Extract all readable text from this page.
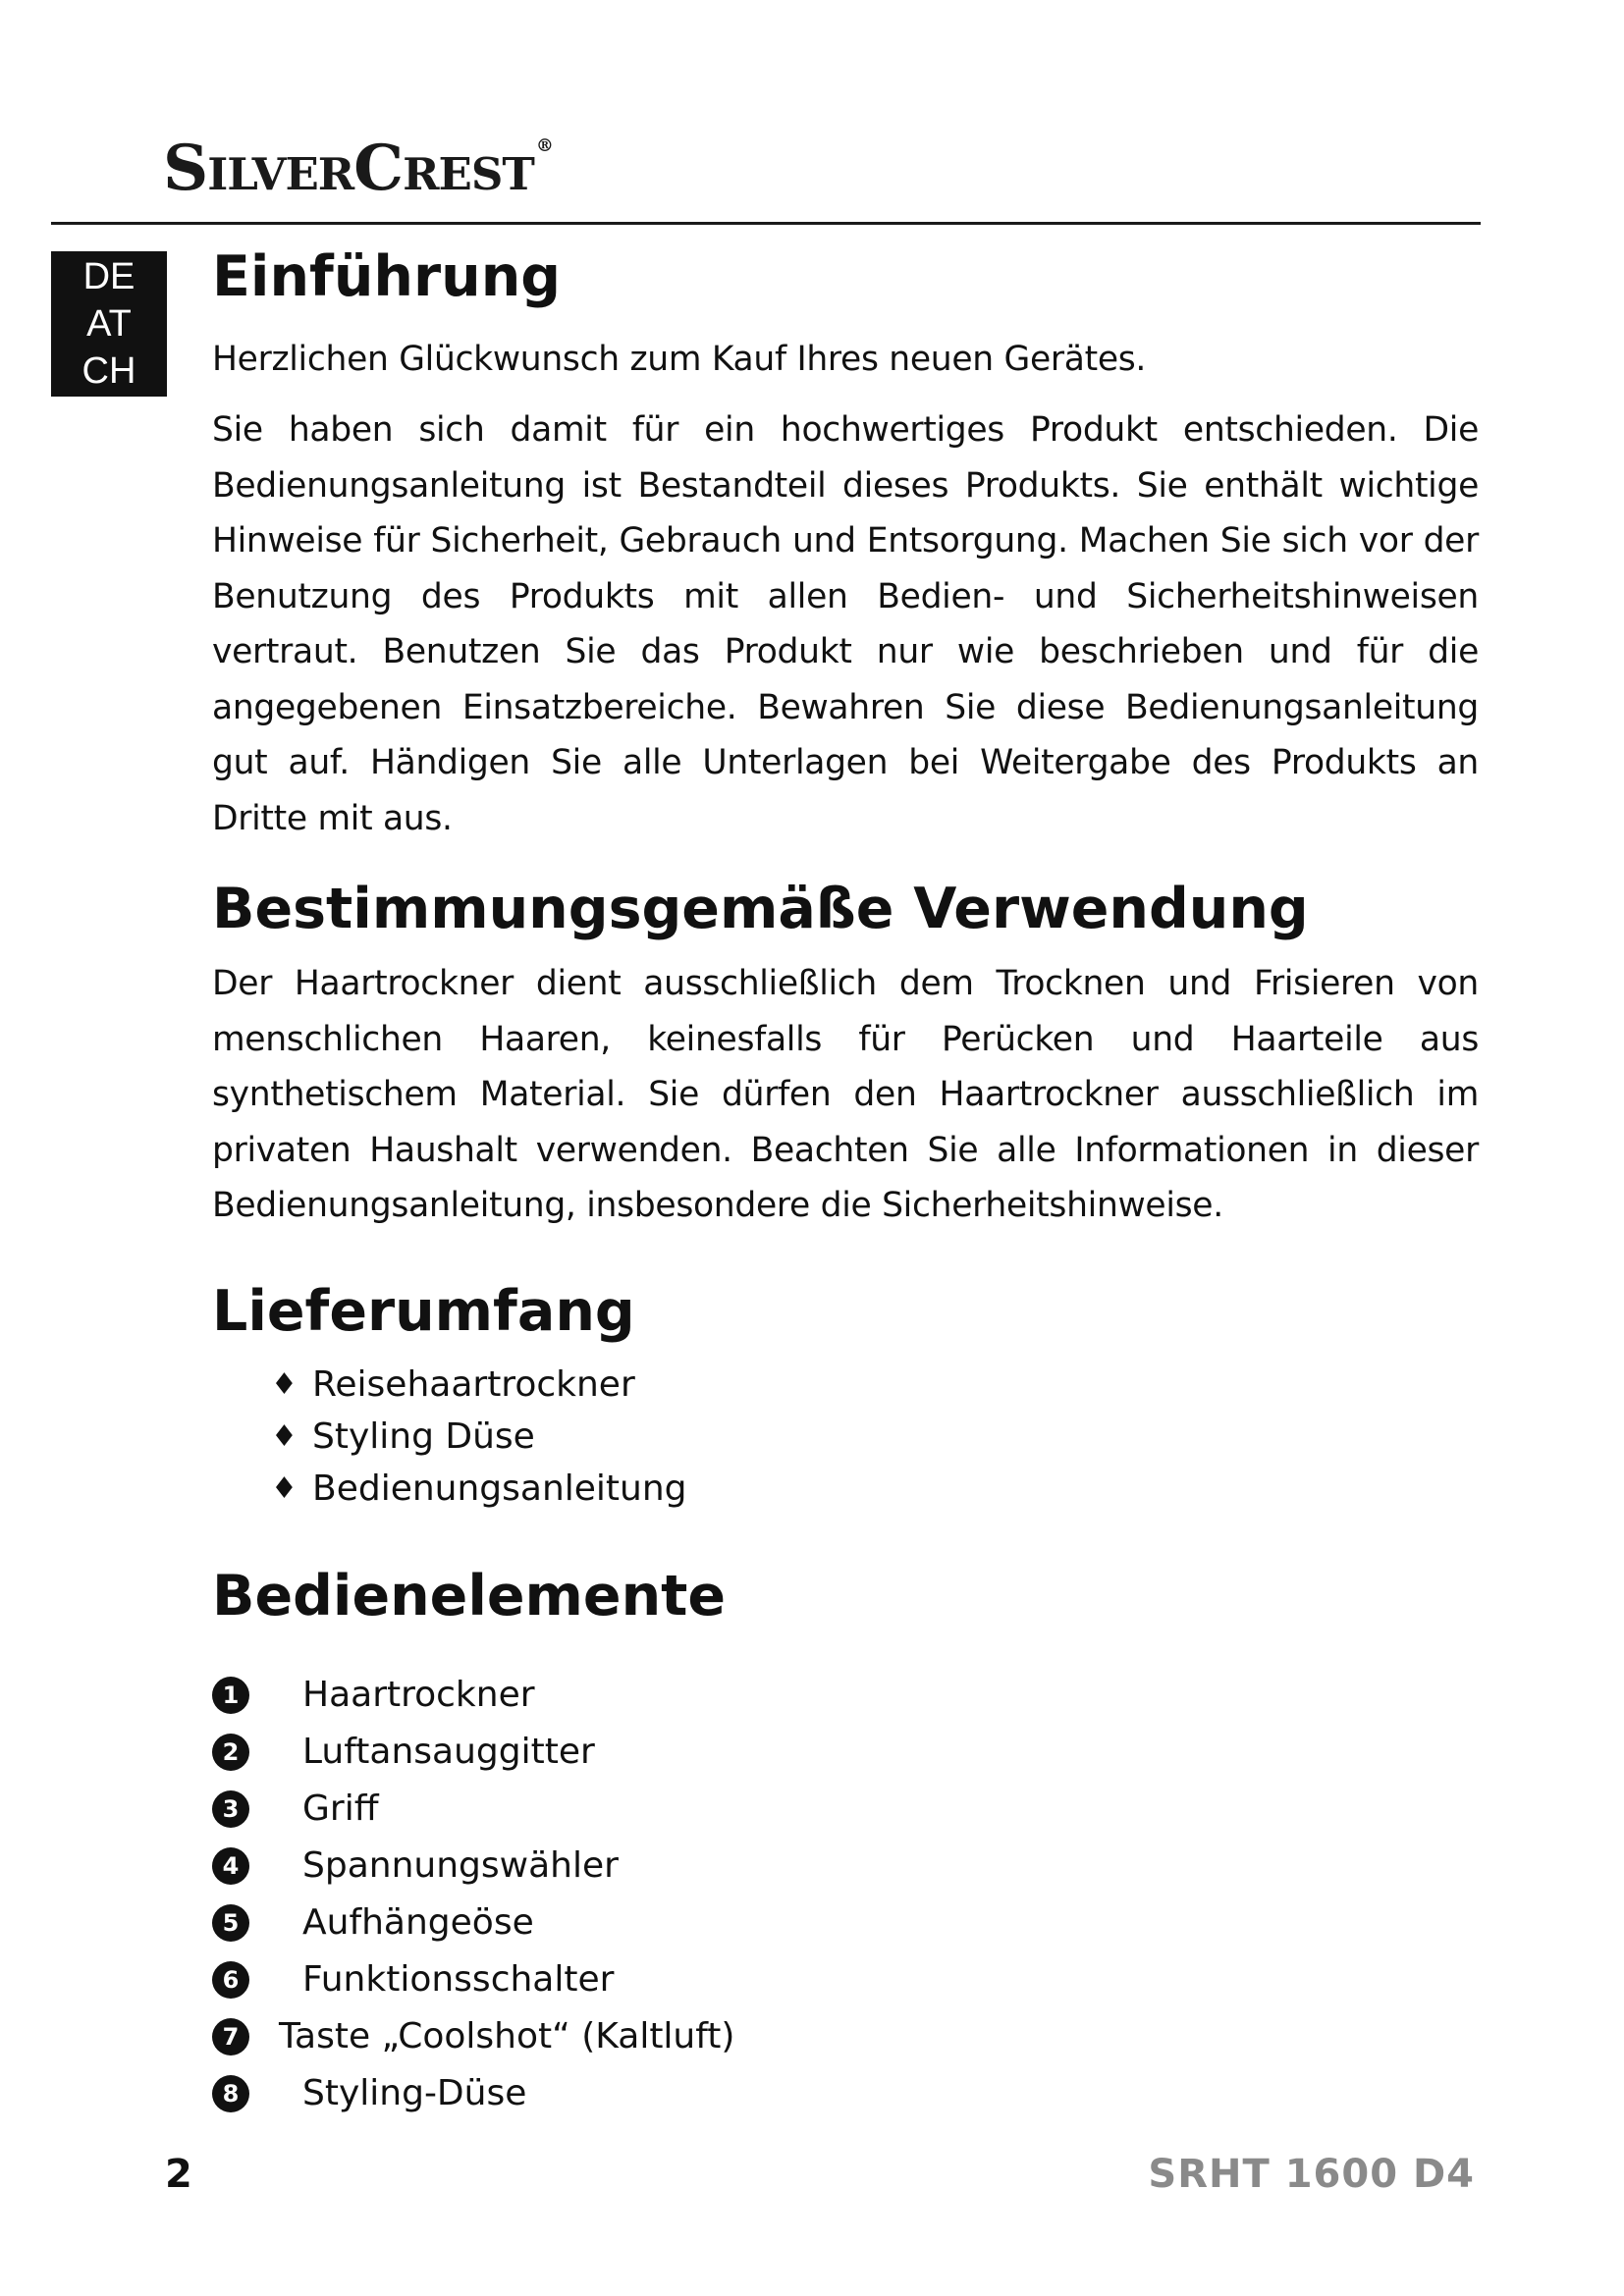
SilverCrest ®
DE
AT
CH
Einführung

Herzlichen Glückwunsch zum Kauf Ihres neuen Gerätes.

Sie haben sich damit für ein hochwertiges Produkt entschieden. Die Bedienungsanleitung ist Bestandteil dieses Produkts. Sie enthält wichtige Hinweise für Sicherheit, Gebrauch und Entsorgung. Machen Sie sich vor der Benutzung des Produkts mit allen Bedien- und Sicherheitshinweisen vertraut. Benutzen Sie das Produkt nur wie beschrieben und für die angegebenen Einsatzbereiche. Bewahren Sie diese Bedienungsanleitung gut auf. Händigen Sie alle Unterlagen bei Weitergabe des Produkts an Dritte mit aus.

Bestimmungsgemäße Verwendung

Der Haartrockner dient ausschließlich dem Trocknen und Frisieren von menschlichen Haaren, keinesfalls für Perücken und Haarteile aus synthetischem Material. Sie dürfen den Haartrockner ausschließlich im privaten Haushalt verwenden. Beachten Sie alle Informationen in dieser Bedienungsanleitung, insbesondere die Sicherheitshinweise.

Lieferumfang
♦ Reisehaartrockner
♦ Styling Düse
♦ Bedienungsanleitung
Bedienelemente
1 Haartrockner
2 Luftansauggitter
3 Griff
4 Spannungswähler
5 Aufhängeöse
6 Funktionsschalter
7 Taste „Coolshot“ (Kaltluft)
8 Styling-Düse
2	SRHT 1600 D4
